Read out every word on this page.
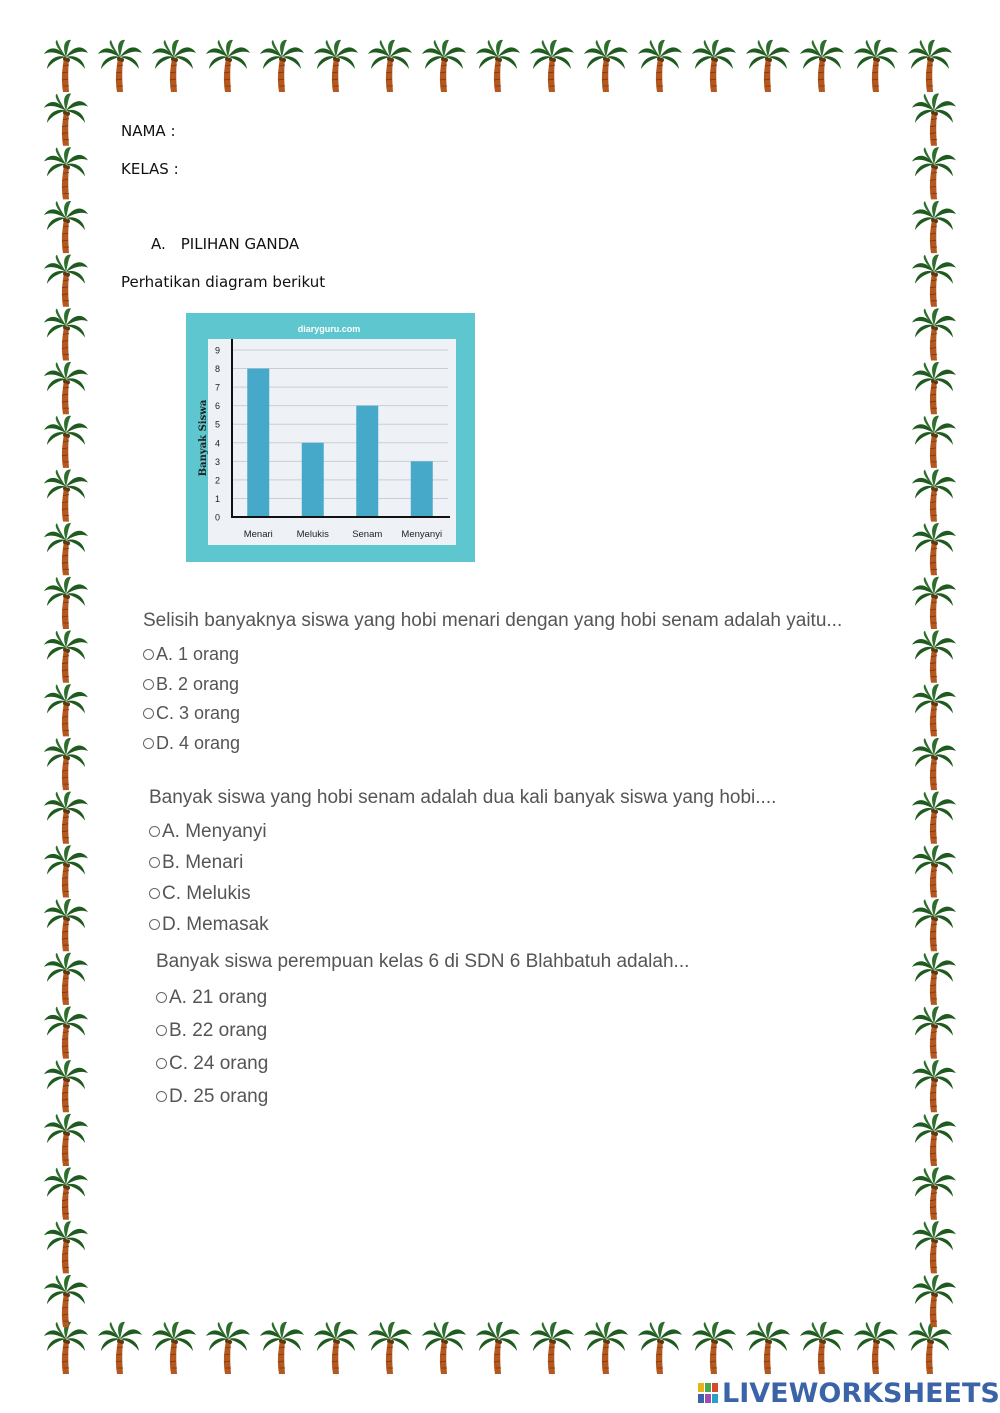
NAMA :
KELAS :
A. PILIHAN GANDA
Perhatikan diagram berikut
diaryguru.com
0
1
2
3
4
5
6
7
8
9
Menari	Melukis Senam Menyanyi
Banyak Siswa
Selisih banyaknya siswa yang hobi menari dengan yang hobi senam adalah yaitu...
A. 1 orang
B. 2 orang
C. 3 orang
D. 4 orang
Banyak siswa yang hobi senam adalah dua kali banyak siswa yang hobi....
A. Menyanyi
B. Menari
C. Melukis
D. Memasak
Banyak siswa perempuan kelas 6 di SDN 6 Blahbatuh adalah...
A. 21 orang
B. 22 orang
C. 24 orang
D. 25 orang
LIVEWORKSHEETS
